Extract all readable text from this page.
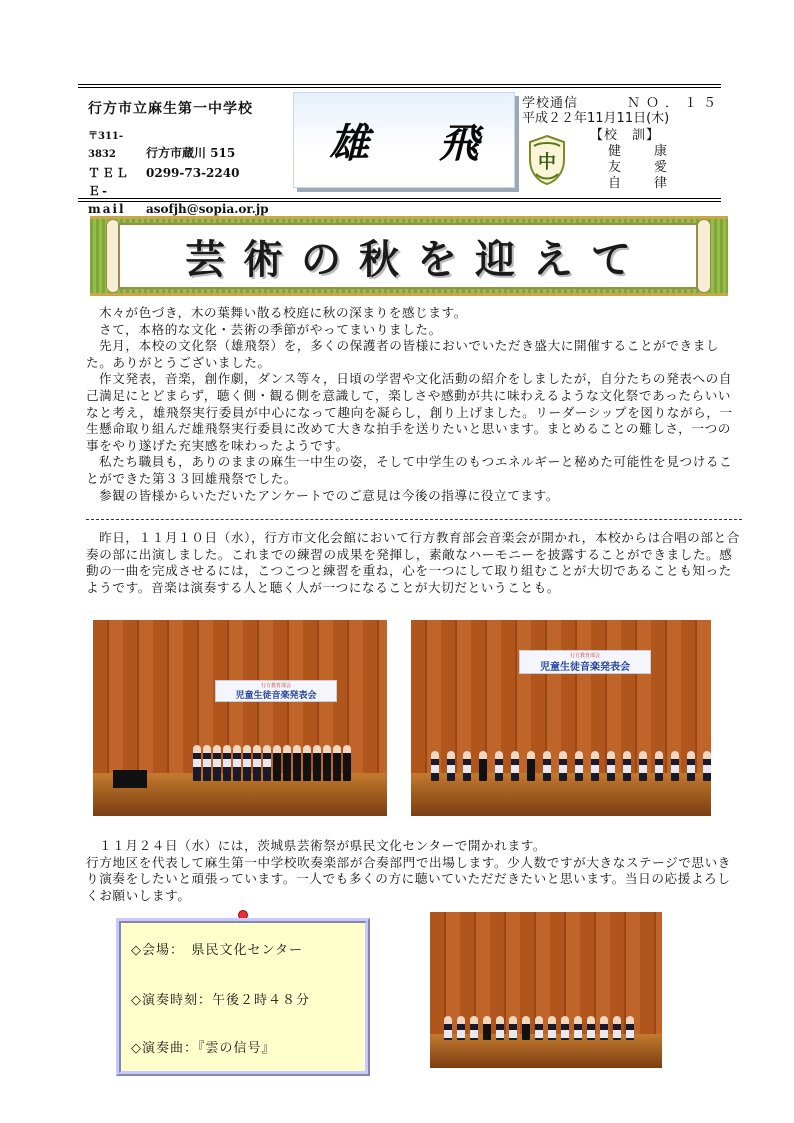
行方市立麻生第一中学校
〒311-3832	行方市蔵川 515
ＴＥＬ 0299-73-2240
Ｅ-mail asofjh@sopia.or.jp
雄 飛
学校通信	ＮＯ．１５
平成２２年11月11日(木)
中
【校　訓】
健　康
友　愛
自　律
芸術の秋を迎えて

木々が色づき，木の葉舞い散る校庭に秋の深まりを感じます。

さて，本格的な文化・芸術の季節がやってまいりました。

先月，本校の文化祭（雄飛祭）を，多くの保護者の皆様においでいただき盛大に開催することができました。ありがとうございました。

作文発表，音楽，創作劇，ダンス等々，日頃の学習や文化活動の紹介をしましたが，自分たちの発表への自己満足にとどまらず，聴く側・観る側を意識して，楽しさや感動が共に味わえるような文化祭であったらいいなと考え，雄飛祭実行委員が中心になって趣向を凝らし，創り上げました。リーダーシップを図りながら，一生懸命取り組んだ雄飛祭実行委員に改めて大きな拍手を送りたいと思います。まとめることの難しさ，一つの事をやり遂げた充実感を味わったようです。

私たち職員も，ありのままの麻生一中生の姿，そして中学生のもつエネルギーと秘めた可能性を見つけることができた第３３回雄飛祭でした。

参観の皆様からいただいたアンケートでのご意見は今後の指導に役立てます。

昨日，１１月１０日（水），行方市文化会館において行方教育部会音楽会が開かれ，本校からは合唱の部と合奏の部に出演しました。これまでの練習の成果を発揮し，素敵なハーモニーを披露することができました。感動の一曲を完成させるには，こつこつと練習を重ね，心を一つにして取り組むことが大切であることも知ったようです。音楽は演奏する人と聴く人が一つになることが大切だということも。

行方教育部会
児童生徒音楽発表会
行方教育部会
児童生徒音楽発表会

１１月２４日（水）には，茨城県芸術祭が県民文化センターで開かれます。

行方地区を代表して麻生第一中学校吹奏楽部が合奏部門で出場します。少人数ですが大きなステージで思いきり演奏をしたいと頑張っています。一人でも多くの方に聴いていただだきたいと思います。当日の応援よろしくお願いします。

◇会場：　県民文化センター
◇演奏時刻：午後２時４８分
◇演奏曲：『雲の信号』
